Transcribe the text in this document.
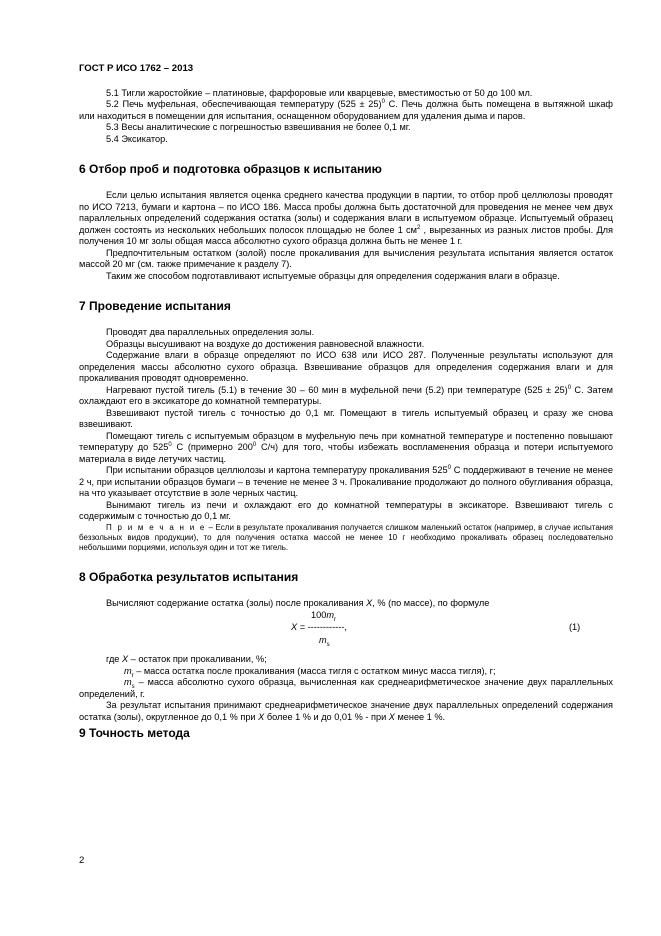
ГОСТ Р ИСО 1762 – 2013

5.1 Тигли жаростойкие – платиновые, фарфоровые или кварцевые, вместимостью от 50 до 100 мл.

5.2 Печь муфельная, обеспечивающая температуру $(525 \pm 25)^0$ С. Печь должна быть помещена в вытяжной шкаф или находиться в помещении для испытания, оснащенном оборудованием для удаления дыма и паров.

5.3 Весы аналитические с погрешностью взвешивания не более 0,1 мг.

5.4 Эксикатор.

6 Отбор проб и подготовка образцов к испытанию

Если целью испытания является оценка среднего качества продукции в партии, то отбор проб целлюлозы проводят по ИСО 7213, бумаги и картона – по ИСО 186. Масса пробы должна быть достаточной для проведения не менее чем двух параллельных определений содержания остатка (золы) и содержания влаги в испытуемом образце. Испытуемый образец должен состоять из нескольких небольших полосок площадью не более 1 $см^2$ , вырезанных из разных листов пробы. Для получения 10 мг золы общая масса абсолютно сухого образца должна быть не менее 1 г.

Предпочтительным остатком (золой) после прокаливания для вычисления результата испытания является остаток массой 20 мг (см. также примечание к разделу 7).

Таким же способом подготавливают испытуемые образцы для определения содержания влаги в образце.

7 Проведение испытания

Проводят два параллельных определения золы.

Образцы высушивают на воздухе до достижения равновесной влажности.

Содержание влаги в образце определяют по ИСО 638 или ИСО 287. Полученные результаты используют для определения массы абсолютно сухого образца. Взвешивание образцов для определения содержания влаги и для прокаливания проводят одновременно.

Нагревают пустой тигель (5.1) в течение 30 – 60 мин в муфельной печи (5.2) при температуре $(525 \pm 25)^0$ С. Затем охлаждают его в эксикаторе до комнатной температуры.

Взвешивают пустой тигель с точностью до 0,1 мг. Помещают в тигель испытуемый образец и сразу же снова взвешивают.

Помещают тигель с испытуемым образцом в муфельную печь при комнатной температуре и постепенно повышают температуру до $525^0$ С (примерно $200^0$ С/ч) для того, чтобы избежать воспламенения образца и потери испытуемого материала в виде летучих частиц.

При испытании образцов целлюлозы и картона температуру прокаливания $525^0$ С поддерживают в течение не менее 2 ч, при испытании образцов бумаги – в течение не менее 3 ч. Прокаливание продолжают до полного обугливания образца, на что указывает отсутствие в золе черных частиц.

Вынимают тигель из печи и охлаждают его до комнатной температуры в эксикаторе. Взвешивают тигель с содержимым с точностью до 0,1 мг.

П р и м е ч а н и е – Если в результате прокаливания получается слишком маленький остаток (например, в случае испытания беззольных видов продукции), то для получения остатка массой не менее 10 г необходимо прокаливать образец последовательно небольшими порциями, используя один и тот же тигель.

8 Обработка результатов испытания

Вычисляют содержание остатка (золы) после прокаливания X, % (по массе), по формуле

$100m_r$
X = ------------,
$m_s$
(1)

где X – остаток при прокаливании, %;

$m_r$ – масса остатка после прокаливания (масса тигля с остатком минус масса тигля), г;

$m_s$ – масса абсолютно сухого образца, вычисленная как среднеарифметическое значение двух параллельных определений, г.

За результат испытания принимают среднеарифметическое значение двух параллельных определений содержания остатка (золы), округленное до 0,1 % при X более 1 % и до 0,01 % - при X менее 1 %.

9 Точность метода
2
